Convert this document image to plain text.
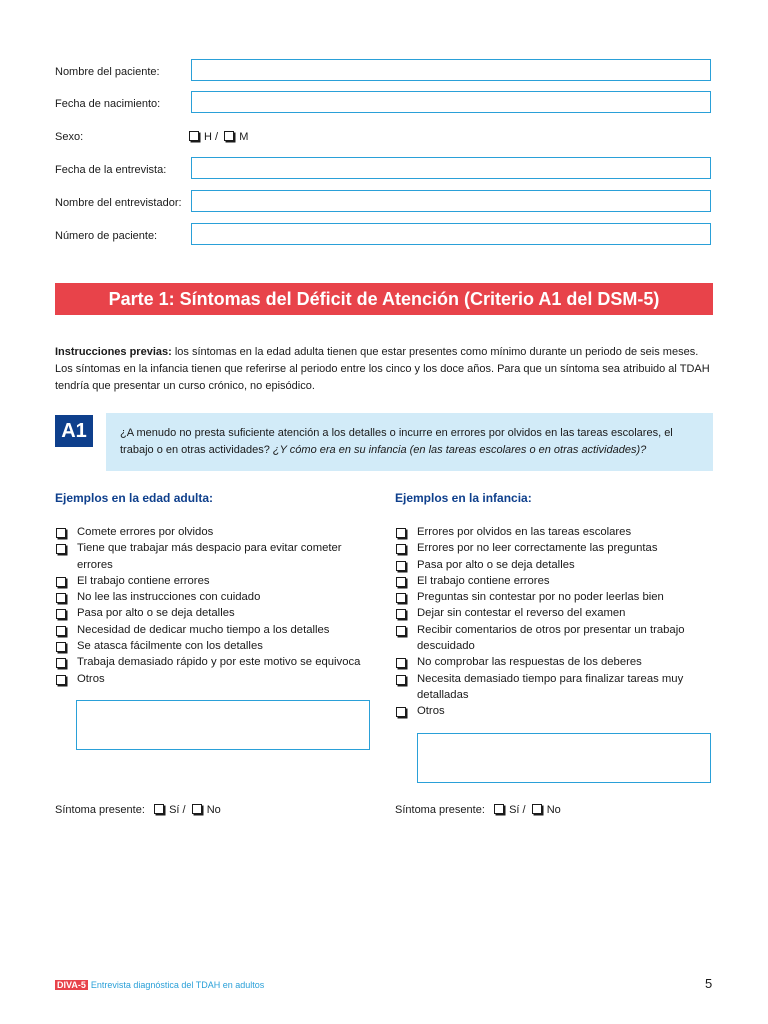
Nombre del paciente:
Fecha de nacimiento:
Sexo:	H / M
Fecha de la entrevista:
Nombre del entrevistador:
Número de paciente:
Parte 1: Síntomas del Déficit de Atención (Criterio A1 del DSM-5)
Instrucciones previas: los síntomas en la edad adulta tienen que estar presentes como mínimo durante un periodo de seis meses. Los síntomas en la infancia tienen que referirse al periodo entre los cinco y los doce años. Para que un síntoma sea atribuido al TDAH tendría que presentar un curso crónico, no episódico.
A1	¿A menudo no presta suficiente atención a los detalles o incurre en errores por olvidos en las tareas escolares, el trabajo o en otras actividades? ¿Y cómo era en su infancia (en las tareas escolares o en otras actividades)?
Ejemplos en la edad adulta:
Comete errores por olvidos
Tiene que trabajar más despacio para evitar cometer errores
El trabajo contiene errores
No lee las instrucciones con cuidado
Pasa por alto o se deja detalles
Necesidad de dedicar mucho tiempo a los detalles
Se atasca fácilmente con los detalles
Trabaja demasiado rápido y por este motivo se equivoca
Otros
Síntoma presente: Sí / No
Ejemplos en la infancia:
Errores por olvidos en las tareas escolares
Errores por no leer correctamente las preguntas
Pasa por alto o se deja detalles
El trabajo contiene errores
Preguntas sin contestar por no poder leerlas bien
Dejar sin contestar el reverso del examen
Recibir comentarios de otros por presentar un trabajo descuidado
No comprobar las respuestas de los deberes
Necesita demasiado tiempo para finalizar tareas muy detalladas
Otros
Síntoma presente: Sí / No
DIVA-5 Entrevista diagnóstica del TDAH en adultos	5
